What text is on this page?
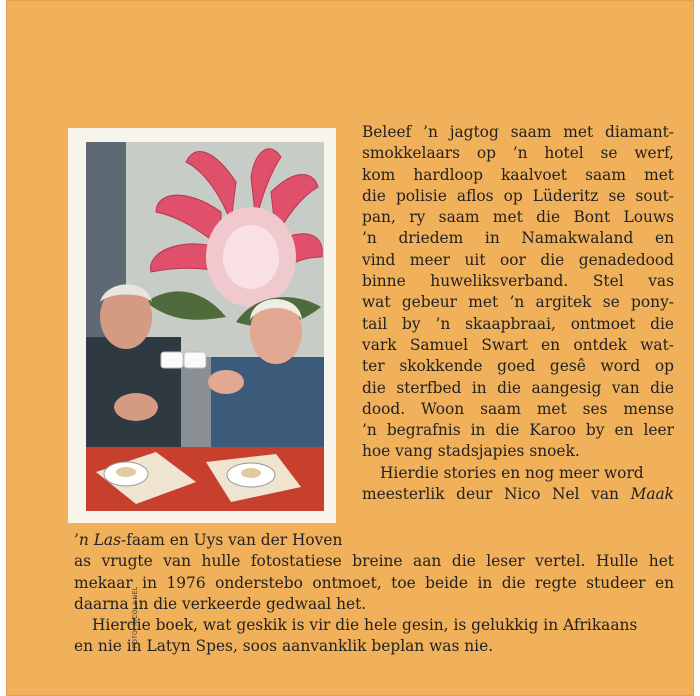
FOTO: NICOLA NEL
Beleef ’n jagtog saam met diamant-
smokkelaars op ’n hotel se werf,
kom hardloop kaalvoet saam met
die polisie aflos op Lüderitz se sout-
pan, ry saam met die Bont Louws
’n driedem in Namakwaland en
vind meer uit oor die genadedood
binne huweliksverband. Stel vas
wat gebeur met ’n argitek se pony-
tail by ’n skaapbraai, ontmoet die
vark Samuel Swart en ontdek wat-
ter skokkende goed gesê word op
die sterfbed in die aangesig van die
dood. Woon saam met ses mense
’n begrafnis in die Karoo by en leer
hoe vang stadsjapies snoek.
Hierdie stories en nog meer word
meesterlik deur Nico Nel van Maak
’n Las-faam en Uys van der Hoven
as vrugte van hulle fotostatiese breine aan die leser vertel. Hulle het
mekaar in 1976 onderstebo ontmoet, toe beide in die regte studeer en
daarna in die verkeerde gedwaal het.
Hierdie boek, wat geskik is vir die hele gesin, is gelukkig in Afrikaans
en nie in Latyn Spes, soos aanvanklik beplan was nie.
